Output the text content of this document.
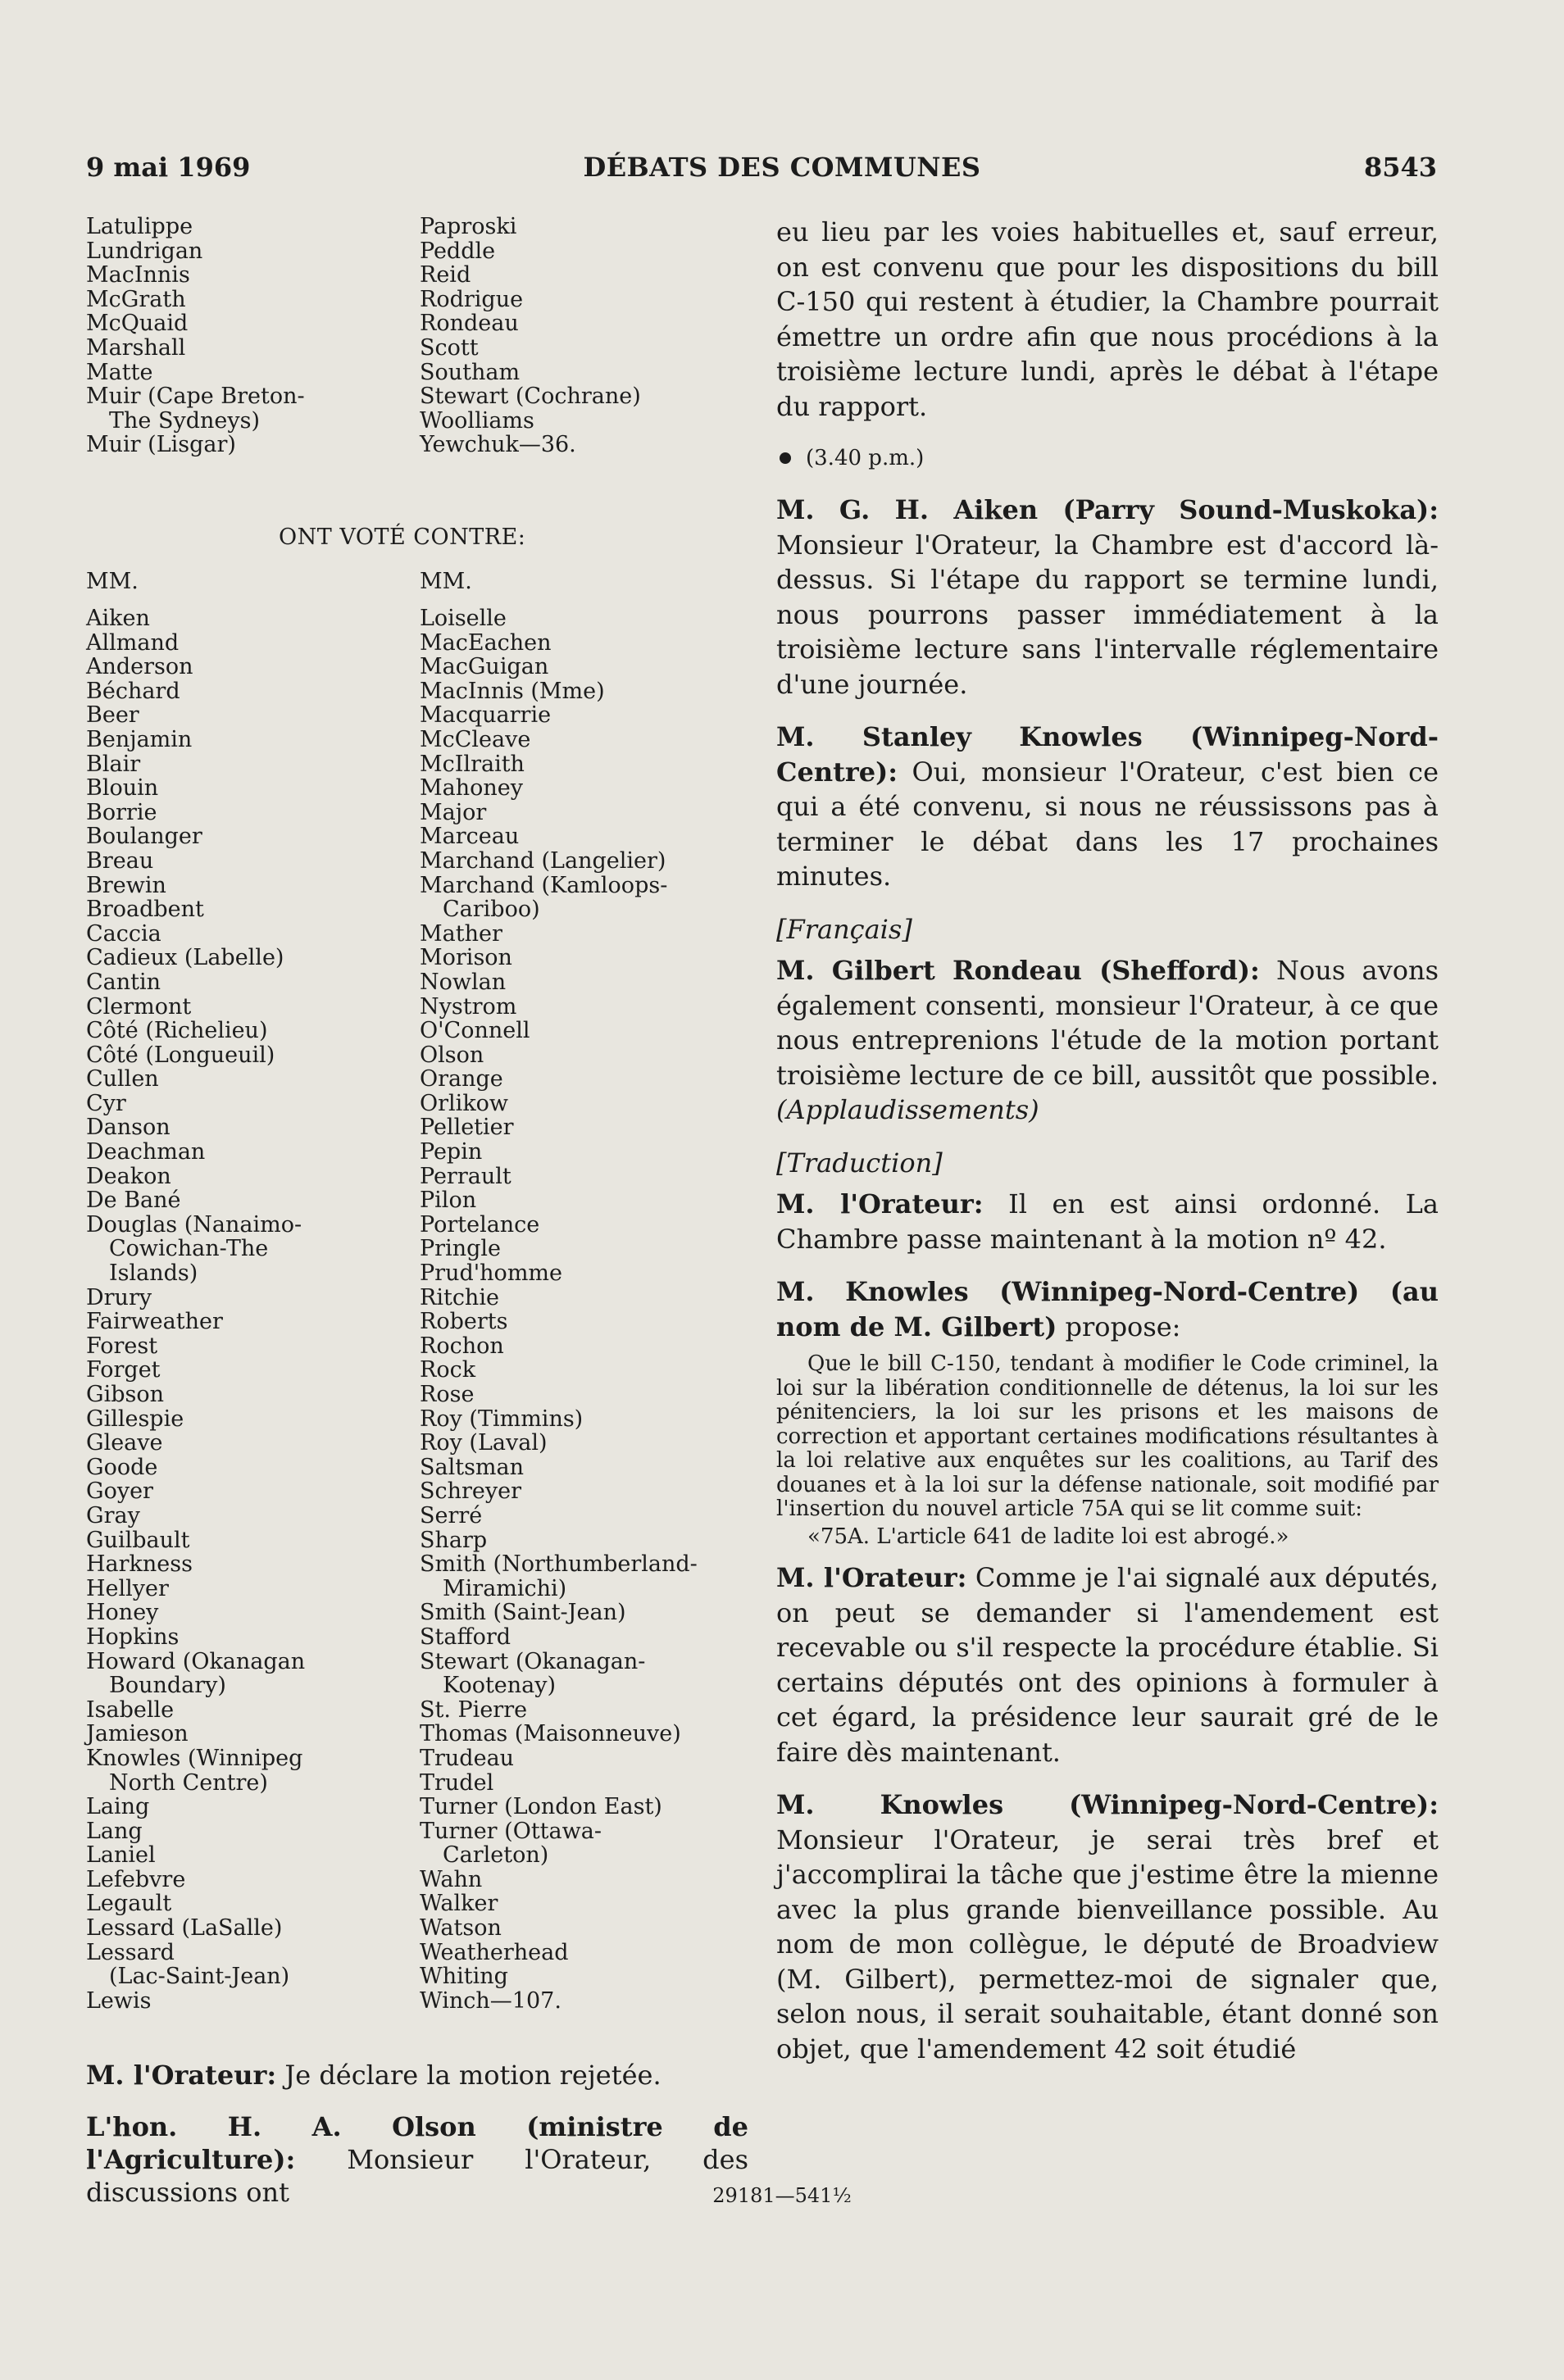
9 mai 1969	DÉBATS DES COMMUNES	8543
Latulippe
Lundrigan
MacInnis
McGrath
McQuaid
Marshall
Matte
Muir (Cape Breton-
The Sydneys)
Muir (Lisgar)
Paproski
Peddle
Reid
Rodrigue
Rondeau
Scott
Southam
Stewart (Cochrane)
Woolliams
Yewchuk—36.
ONT VOTÉ CONTRE:
MM.	MM.
Aiken
Allmand
Anderson
Béchard
Beer
Benjamin
Blair
Blouin
Borrie
Boulanger
Breau
Brewin
Broadbent
Caccia
Cadieux (Labelle)
Cantin
Clermont
Côté (Richelieu)
Côté (Longueuil)
Cullen
Cyr
Danson
Deachman
Deakon
De Bané
Douglas (Nanaimo-
Cowichan-The
Islands)
Drury
Fairweather
Forest
Forget
Gibson
Gillespie
Gleave
Goode
Goyer
Gray
Guilbault
Harkness
Hellyer
Honey
Hopkins
Howard (Okanagan
Boundary)
Isabelle
Jamieson
Knowles (Winnipeg
North Centre)
Laing
Lang
Laniel
Lefebvre
Legault
Lessard (LaSalle)
Lessard
(Lac-Saint-Jean)
Lewis
Loiselle
MacEachen
MacGuigan
MacInnis (Mme)
Macquarrie
McCleave
McIlraith
Mahoney
Major
Marceau
Marchand (Langelier)
Marchand (Kamloops-
Cariboo)
Mather
Morison
Nowlan
Nystrom
O'Connell
Olson
Orange
Orlikow
Pelletier
Pepin
Perrault
Pilon
Portelance
Pringle
Prud'homme
Ritchie
Roberts
Rochon
Rock
Rose
Roy (Timmins)
Roy (Laval)
Saltsman
Schreyer
Serré
Sharp
Smith (Northumberland-
Miramichi)
Smith (Saint-Jean)
Stafford
Stewart (Okanagan-
Kootenay)
St. Pierre
Thomas (Maisonneuve)
Trudeau
Trudel
Turner (London East)
Turner (Ottawa-
Carleton)
Wahn
Walker
Watson
Weatherhead
Whiting
Winch—107.

M. l'Orateur: Je déclare la motion rejetée.

L'hon. H. A. Olson (ministre de l'Agriculture): Monsieur l'Orateur, des discussions ont

eu lieu par les voies habituelles et, sauf erreur, on est convenu que pour les dispositions du bill C-150 qui restent à étudier, la Chambre pourrait émettre un ordre afin que nous procédions à la troisième lecture lundi, après le débat à l'étape du rapport.

(3.40 p.m.)

M. G. H. Aiken (Parry Sound-Muskoka): Monsieur l'Orateur, la Chambre est d'accord là-dessus. Si l'étape du rapport se termine lundi, nous pourrons passer immédiatement à la troisième lecture sans l'intervalle réglementaire d'une journée.

M. Stanley Knowles (Winnipeg-Nord-Centre): Oui, monsieur l'Orateur, c'est bien ce qui a été convenu, si nous ne réussissons pas à terminer le débat dans les 17 prochaines minutes.

[Français]

M. Gilbert Rondeau (Shefford): Nous avons également consenti, monsieur l'Orateur, à ce que nous entreprenions l'étude de la motion portant troisième lecture de ce bill, aussitôt que possible. (Applaudissements)

[Traduction]

M. l'Orateur: Il en est ainsi ordonné. La Chambre passe maintenant à la motion nº 42.

M. Knowles (Winnipeg-Nord-Centre) (au nom de M. Gilbert) propose:

Que le bill C-150, tendant à modifier le Code criminel, la loi sur la libération conditionnelle de détenus, la loi sur les pénitenciers, la loi sur les prisons et les maisons de correction et apportant certaines modifications résultantes à la loi relative aux enquêtes sur les coalitions, au Tarif des douanes et à la loi sur la défense nationale, soit modifié par l'insertion du nouvel article 75A qui se lit comme suit:

«75A. L'article 641 de ladite loi est abrogé.»

M. l'Orateur: Comme je l'ai signalé aux députés, on peut se demander si l'amendement est recevable ou s'il respecte la procédure établie. Si certains députés ont des opinions à formuler à cet égard, la présidence leur saurait gré de le faire dès maintenant.

M. Knowles (Winnipeg-Nord-Centre): Monsieur l'Orateur, je serai très bref et j'accomplirai la tâche que j'estime être la mienne avec la plus grande bienveillance possible. Au nom de mon collègue, le député de Broadview (M. Gilbert), permettez-moi de signaler que, selon nous, il serait souhaitable, étant donné son objet, que l'amendement 42 soit étudié

29181—541½
